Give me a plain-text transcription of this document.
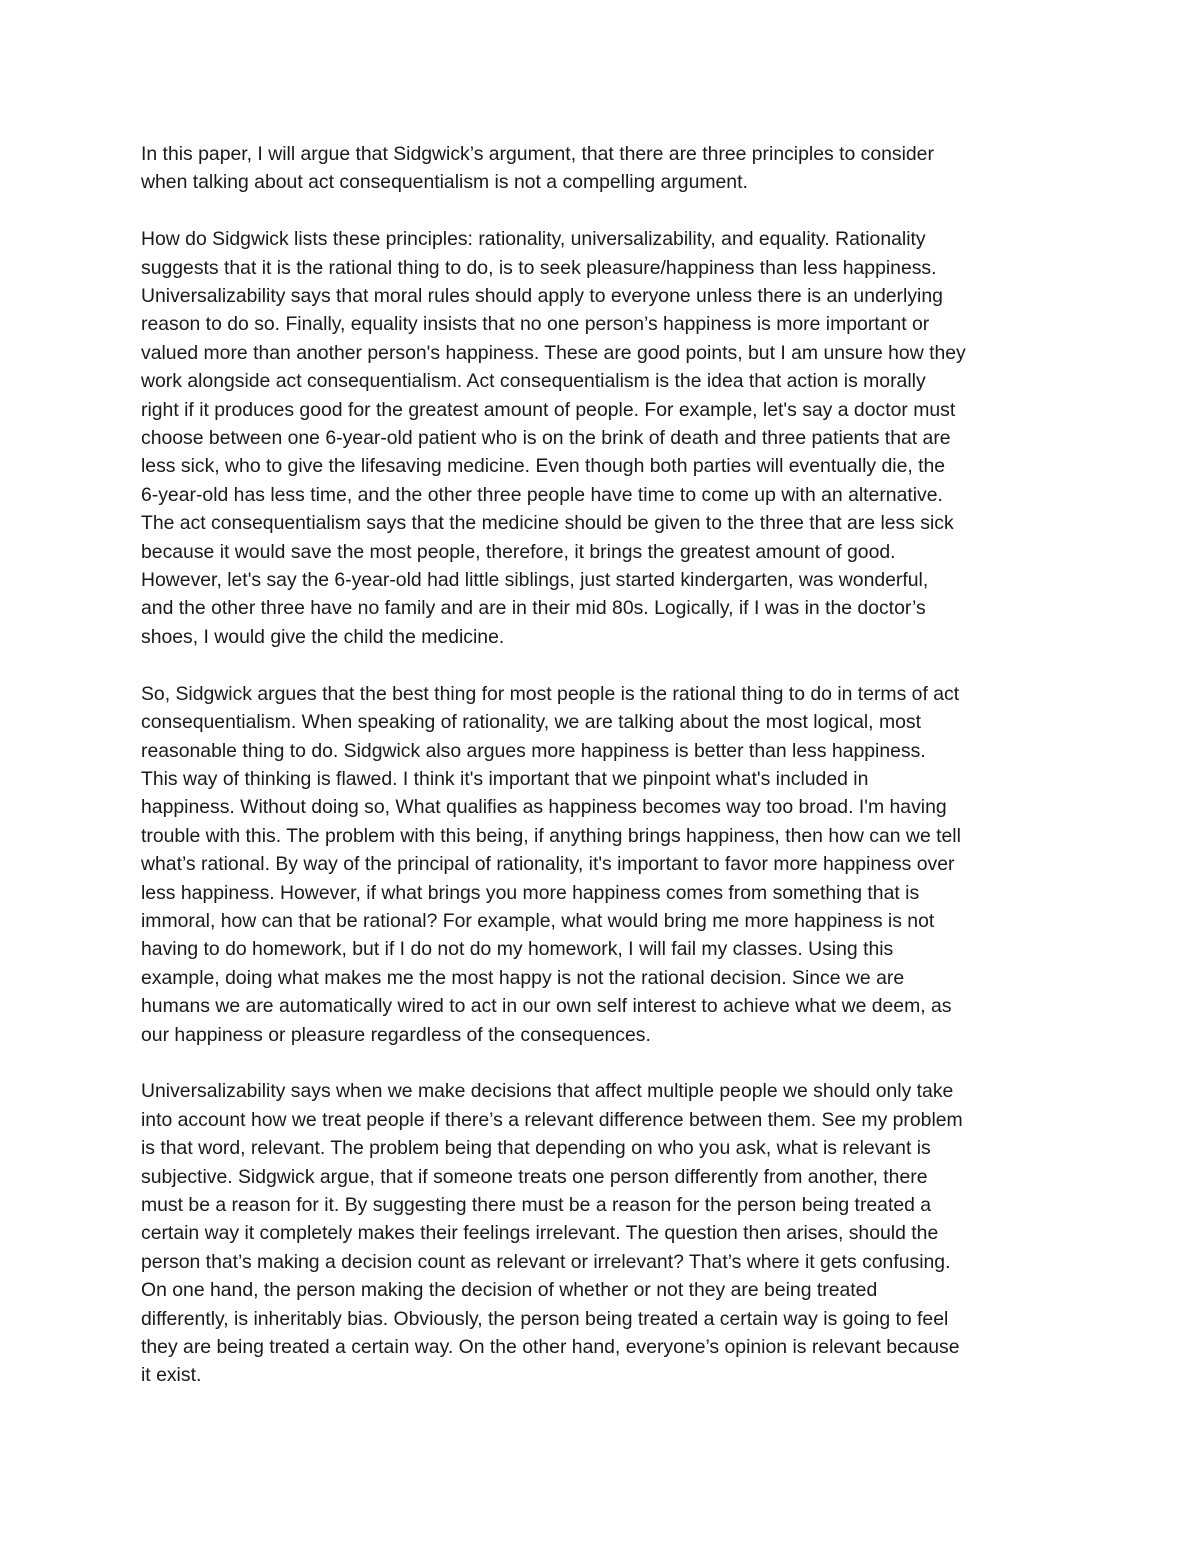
In this paper, I will argue that Sidgwick’s argument, that there are three principles to consider
when talking about act consequentialism is not a compelling argument.

How do Sidgwick lists these principles: rationality, universalizability, and equality. Rationality
suggests that it is the rational thing to do, is to seek pleasure/happiness than less happiness.
Universalizability says that moral rules should apply to everyone unless there is an underlying
reason to do so. Finally, equality insists that no one person’s happiness is more important or
valued more than another person's happiness. These are good points, but I am unsure how they
work alongside act consequentialism. Act consequentialism is the idea that action is morally
right if it produces good for the greatest amount of people. For example, let's say a doctor must
choose between one 6-year-old patient who is on the brink of death and three patients that are
less sick, who to give the lifesaving medicine. Even though both parties will eventually die, the
6-year-old has less time, and the other three people have time to come up with an alternative.
The act consequentialism says that the medicine should be given to the three that are less sick
because it would save the most people, therefore, it brings the greatest amount of good.
However, let's say the 6-year-old had little siblings, just started kindergarten, was wonderful,
and the other three have no family and are in their mid 80s. Logically, if I was in the doctor’s
shoes, I would give the child the medicine.

So, Sidgwick argues that the best thing for most people is the rational thing to do in terms of act
consequentialism. When speaking of rationality, we are talking about the most logical, most
reasonable thing to do. Sidgwick also argues more happiness is better than less happiness.
This way of thinking is flawed. I think it's important that we pinpoint what's included in
happiness. Without doing so, What qualifies as happiness becomes way too broad. I'm having
trouble with this. The problem with this being, if anything brings happiness, then how can we tell
what’s rational. By way of the principal of rationality, it's important to favor more happiness over
less happiness. However, if what brings you more happiness comes from something that is
immoral, how can that be rational? For example, what would bring me more happiness is not
having to do homework, but if I do not do my homework, I will fail my classes. Using this
example, doing what makes me the most happy is not the rational decision. Since we are
humans we are automatically wired to act in our own self interest to achieve what we deem, as
our happiness or pleasure regardless of the consequences.

Universalizability says when we make decisions that affect multiple people we should only take
into account how we treat people if there’s a relevant difference between them. See my problem
is that word, relevant. The problem being that depending on who you ask, what is relevant is
subjective. Sidgwick argue, that if someone treats one person differently from another, there
must be a reason for it. By suggesting there must be a reason for the person being treated a
certain way it completely makes their feelings irrelevant. The question then arises, should the
person that’s making a decision count as relevant or irrelevant? That’s where it gets confusing.
On one hand, the person making the decision of whether or not they are being treated
differently, is inheritably bias. Obviously, the person being treated a certain way is going to feel
they are being treated a certain way. On the other hand, everyone’s opinion is relevant because
it exist.
